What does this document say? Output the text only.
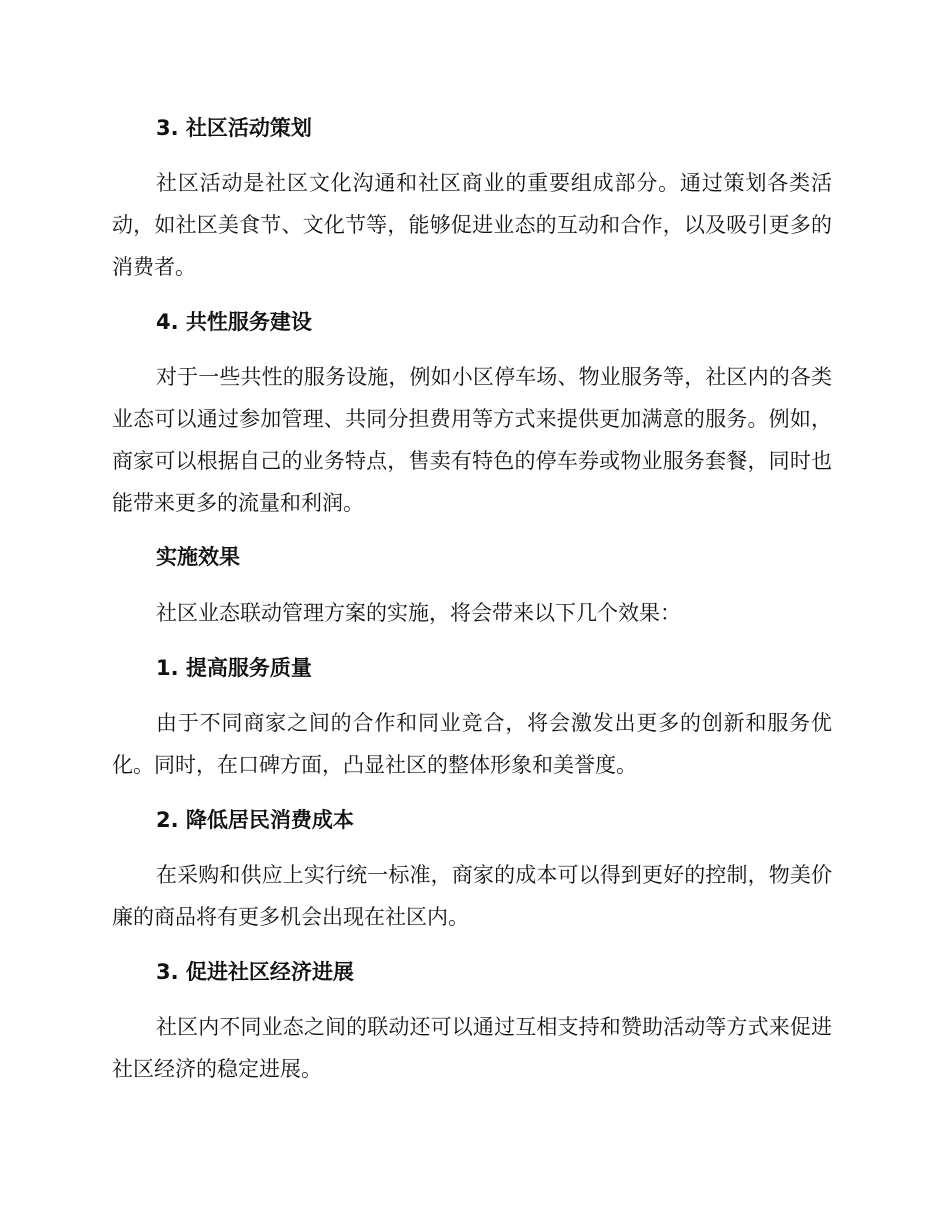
3. 社区活动策划

社区活动是社区文化沟通和社区商业的重要组成部分。通过策划各类活动，如社区美食节、文化节等，能够促进业态的互动和合作，以及吸引更多的消费者。

4. 共性服务建设

对于一些共性的服务设施，例如小区停车场、物业服务等，社区内的各类业态可以通过参加管理、共同分担费用等方式来提供更加满意的服务。例如，商家可以根据自己的业务特点，售卖有特色的停车券或物业服务套餐，同时也能带来更多的流量和利润。

实施效果

社区业态联动管理方案的实施，将会带来以下几个效果：

1. 提高服务质量

由于不同商家之间的合作和同业竞合，将会激发出更多的创新和服务优化。同时，在口碑方面，凸显社区的整体形象和美誉度。

2. 降低居民消费成本

在采购和供应上实行统一标准，商家的成本可以得到更好的控制，物美价廉的商品将有更多机会出现在社区内。

3. 促进社区经济进展

社区内不同业态之间的联动还可以通过互相支持和赞助活动等方式来促进社区经济的稳定进展。
